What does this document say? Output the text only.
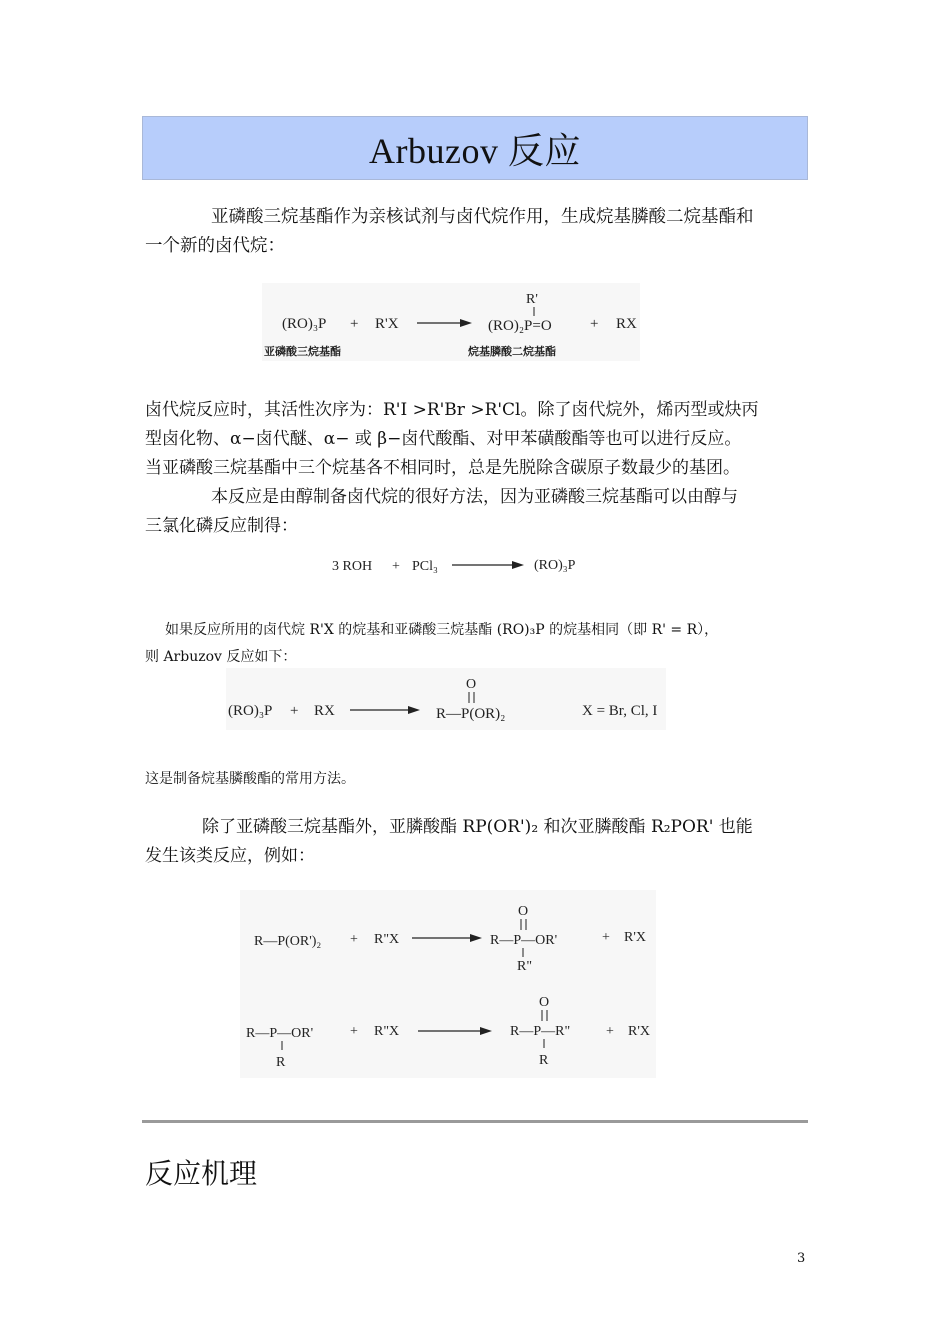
Arbuzov 反应
亚磷酸三烷基酯作为亲核试剂与卤代烷作用，生成烷基膦酸二烷基酯和
一个新的卤代烷：
(RO)₃P + R'X
R'
(RO)₂P=O	+ RX
亚磷酸三烷基酯	烷基膦酸二烷基酯
卤代烷反应时，其活性次序为：R'I >R'Br >R'Cl。除了卤代烷外，烯丙型或炔丙
型卤化物、α−卤代醚、α− 或 β−卤代酸酯、对甲苯磺酸酯等也可以进行反应。
当亚磷酸三烷基酯中三个烷基各不相同时，总是先脱除含碳原子数最少的基团。
本反应是由醇制备卤代烷的很好方法，因为亚磷酸三烷基酯可以由醇与
三氯化磷反应制得：
3 ROH + PCl₃	(RO)₃P
如果反应所用的卤代烷 R'X 的烷基和亚磷酸三烷基酯 (RO)₃P 的烷基相同（即 R' = R），
则 Arbuzov 反应如下：
(RO)₃P + RX
O
R—P(OR)₂	X = Br, Cl, I
这是制备烷基膦酸酯的常用方法。
除了亚磷酸三烷基酯外，亚膦酸酯 RP(OR')₂ 和次亚膦酸酯 R₂POR' 也能
发生该类反应，例如：
R—P(OR')₂ + R"X
O
R—P—OR'
R"
+ R'X
R—P—OR'
R
+ R"X
O
R—P—R"
R
+ R'X
反应机理
3
